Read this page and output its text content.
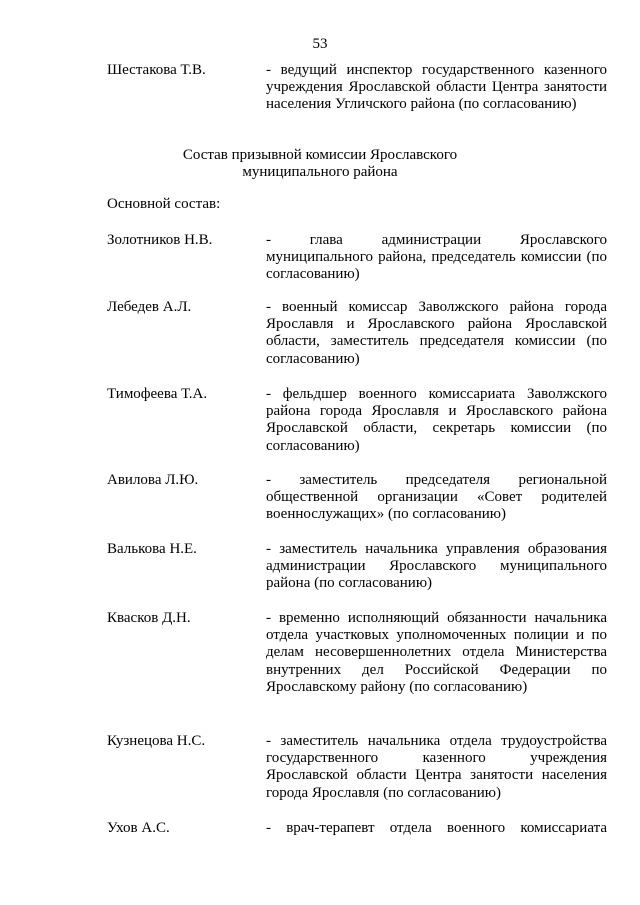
53
Шестакова Т.В.	- ведущий инспектор государственного казенного учреждения Ярославской области Центра занятости населения Угличского района (по согласованию)
Состав призывной комиссии Ярославского
муниципального района
Основной состав:
Золотников Н.В.	- глава администрации Ярославского муниципального района, председатель комиссии (по согласованию)
Лебедев А.Л.	- военный комиссар Заволжского района города Ярославля и Ярославского района Ярославской области, заместитель председателя комиссии (по согласованию)
Тимофеева Т.А.	- фельдшер военного комиссариата Заволжского района города Ярославля и Ярославского района Ярославской области, секретарь комиссии (по согласованию)
Авилова Л.Ю.	- заместитель председателя региональной общественной организации «Совет родителей военнослужащих» (по согласованию)
Валькова Н.Е.	- заместитель начальника управления образования администрации Ярославского муниципального района (по согласованию)
Квасков Д.Н.	- временно исполняющий обязанности начальника отдела участковых уполномоченных полиции и по делам несовершеннолетних отдела Министерства внутренних дел Российской Федерации по Ярославскому району (по согласованию)
Кузнецова Н.С.	- заместитель начальника отдела трудоустройства государственного казенного учреждения Ярославской области Центра занятости населения города Ярославля (по согласованию)
Ухов А.С.	- врач-терапевт отдела военного комиссариата
